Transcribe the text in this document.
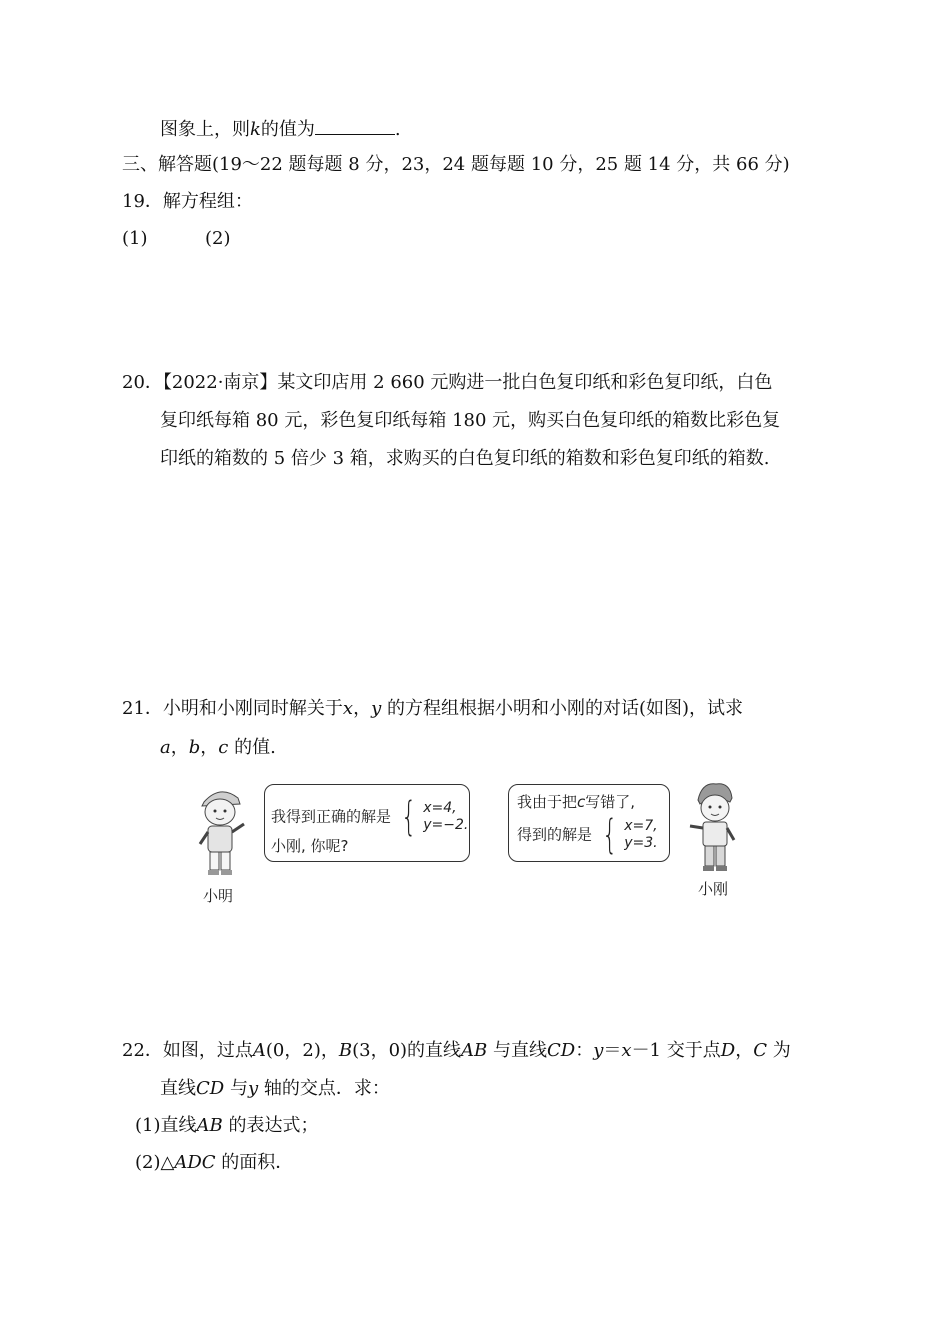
图象上，则k的值为	.
三、解答题(19～22 题每题 8 分，23，24 题每题 10 分，25 题 14 分，共 66 分)
19．解方程组：
(1)	(2)
20．【2022·南京】某文印店用 2 660 元购进一批白色复印纸和彩色复印纸，白色
复印纸每箱 80 元，彩色复印纸每箱 180 元，购买白色复印纸的箱数比彩色复
印纸的箱数的 5 倍少 3 箱，求购买的白色复印纸的箱数和彩色复印纸的箱数.
21．小明和小刚同时解关于x，y 的方程组根据小明和小刚的对话(如图)，试求
a，b，c 的值.
小明
我得到正确的解是 { x=4,
y=−2.
小刚, 你呢?
我由于把c写错了,
得到的解是 { x=7,
y=3.
小刚
22．如图，过点A(0，2)，B(3，0)的直线AB 与直线CD：y＝x－1 交于点D，C 为
直线CD 与y 轴的交点．求：
(1)直线AB 的表达式；
(2)△ADC 的面积．
